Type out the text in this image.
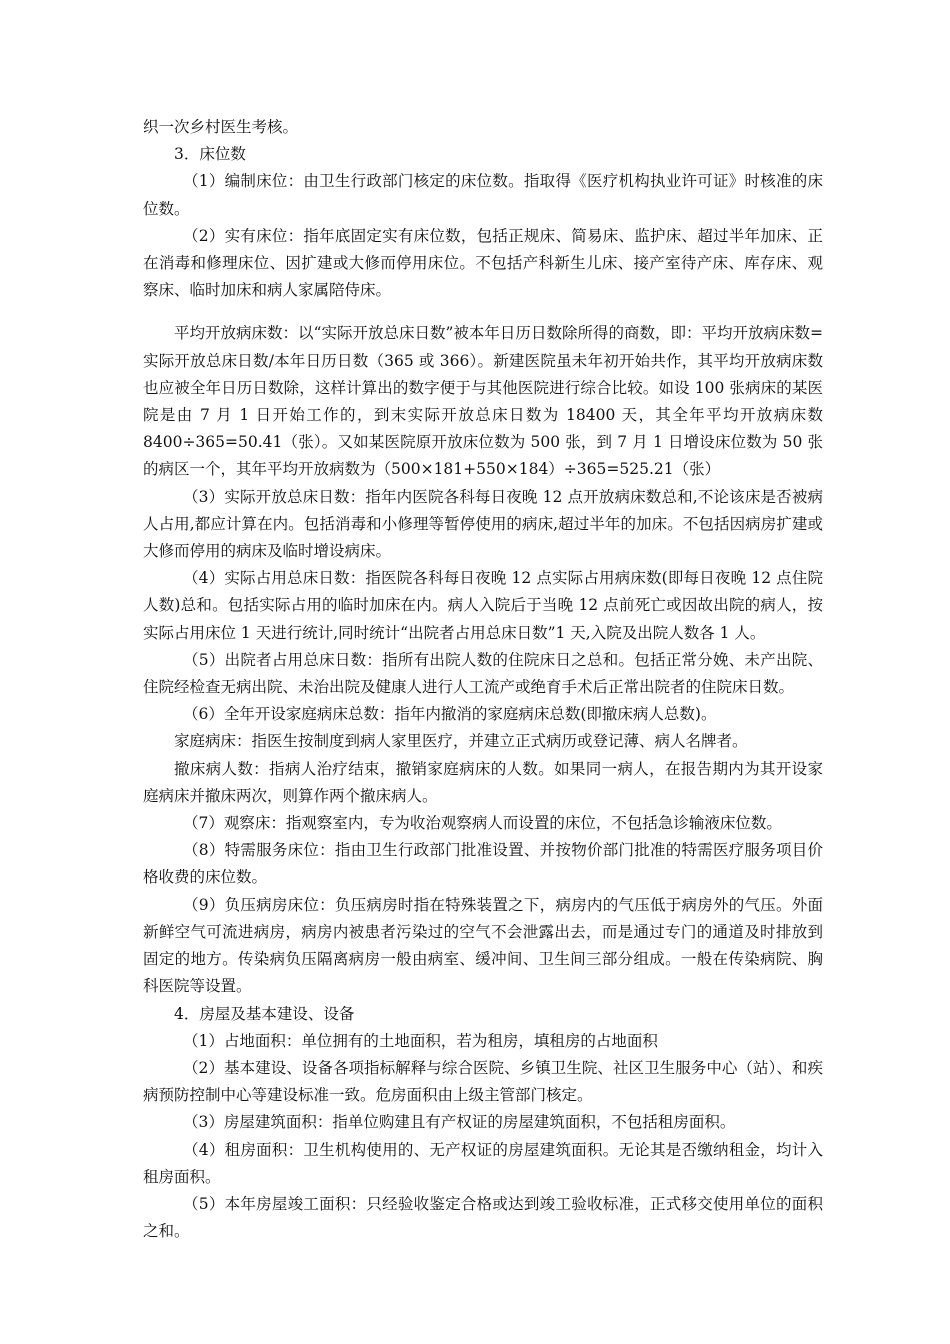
织一次乡村医生考核。

3．床位数

（1）编制床位：由卫生行政部门核定的床位数。指取得《医疗机构执业许可证》时核准的床位数。

（2）实有床位：指年底固定实有床位数，包括正规床、简易床、监护床、超过半年加床、正在消毒和修理床位、因扩建或大修而停用床位。不包括产科新生儿床、接产室待产床、库存床、观察床、临时加床和病人家属陪侍床。

平均开放病床数：以“实际开放总床日数”被本年日历日数除所得的商数，即：平均开放病床数=实际开放总床日数/本年日历日数（365 或 366）。新建医院虽未年初开始共作，其平均开放病床数也应被全年日历日数除，这样计算出的数字便于与其他医院进行综合比较。如设 100 张病床的某医院是由 7 月 1 日开始工作的，到末实际开放总床日数为 18400 天，其全年平均开放病床数 8400÷365=50.41（张）。又如某医院原开放床位数为 500 张，到 7 月 1 日增设床位数为 50 张的病区一个，其年平均开放病数为（500×181+550×184）÷365=525.21（张）

（3）实际开放总床日数：指年内医院各科每日夜晚 12 点开放病床数总和,不论该床是否被病人占用,都应计算在内。包括消毒和小修理等暂停使用的病床,超过半年的加床。不包括因病房扩建或大修而停用的病床及临时增设病床。

（4）实际占用总床日数：指医院各科每日夜晚 12 点实际占用病床数(即每日夜晚 12 点住院人数)总和。包括实际占用的临时加床在内。病人入院后于当晚 12 点前死亡或因故出院的病人，按实际占用床位 1 天进行统计,同时统计“出院者占用总床日数”1 天,入院及出院人数各 1 人。

（5）出院者占用总床日数：指所有出院人数的住院床日之总和。包括正常分娩、未产出院、住院经检查无病出院、未治出院及健康人进行人工流产或绝育手术后正常出院者的住院床日数。

（6）全年开设家庭病床总数：指年内撤消的家庭病床总数(即撤床病人总数)。

家庭病床：指医生按制度到病人家里医疗，并建立正式病历或登记薄、病人名牌者。

撤床病人数：指病人治疗结束，撤销家庭病床的人数。如果同一病人，在报告期内为其开设家庭病床并撤床两次，则算作两个撤床病人。

（7）观察床：指观察室内，专为收治观察病人而设置的床位，不包括急诊输液床位数。

（8）特需服务床位：指由卫生行政部门批准设置、并按物价部门批准的特需医疗服务项目价格收费的床位数。

（9）负压病房床位：负压病房时指在特殊装置之下，病房内的气压低于病房外的气压。外面新鲜空气可流进病房，病房内被患者污染过的空气不会泄露出去，而是通过专门的通道及时排放到固定的地方。传染病负压隔离病房一般由病室、缓冲间、卫生间三部分组成。一般在传染病院、胸科医院等设置。

4．房屋及基本建设、设备

（1）占地面积：单位拥有的土地面积，若为租房，填租房的占地面积

（2）基本建设、设备各项指标解释与综合医院、乡镇卫生院、社区卫生服务中心（站）、和疾病预防控制中心等建设标准一致。危房面积由上级主管部门核定。

（3）房屋建筑面积：指单位购建且有产权证的房屋建筑面积，不包括租房面积。

（4）租房面积：卫生机构使用的、无产权证的房屋建筑面积。无论其是否缴纳租金，均计入租房面积。

（5）本年房屋竣工面积：只经验收鉴定合格或达到竣工验收标准，正式移交使用单位的面积之和。
